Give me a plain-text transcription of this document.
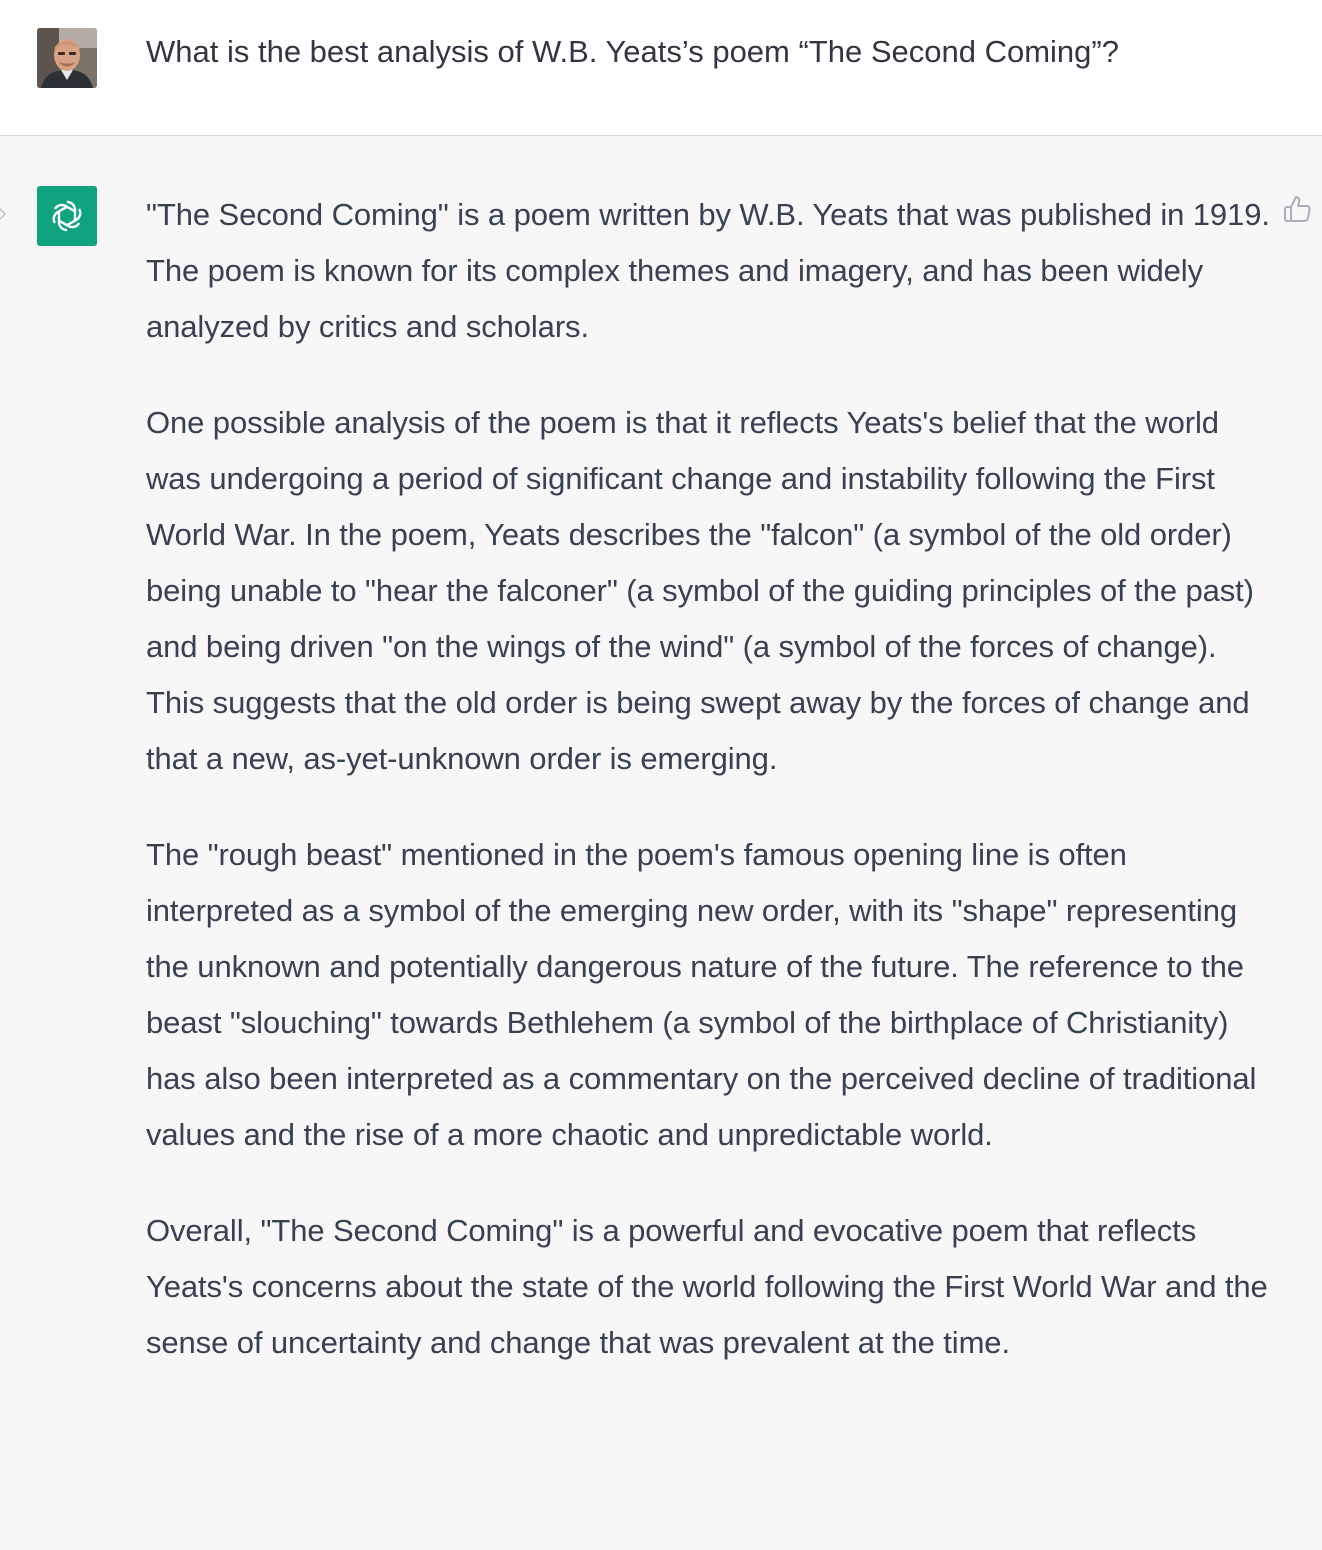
What is the best analysis of W.B. Yeats’s poem “The Second Coming”?

"The Second Coming" is a poem written by W.B. Yeats that was published in 1919. The poem is known for its complex themes and imagery, and has been widely analyzed by critics and scholars.

One possible analysis of the poem is that it reflects Yeats's belief that the world was undergoing a period of significant change and instability following the First World War. In the poem, Yeats describes the "falcon" (a symbol of the old order) being unable to "hear the falconer" (a symbol of the guiding principles of the past) and being driven "on the wings of the wind" (a symbol of the forces of change). This suggests that the old order is being swept away by the forces of change and that a new, as-yet-unknown order is emerging.

The "rough beast" mentioned in the poem's famous opening line is often interpreted as a symbol of the emerging new order, with its "shape" representing the unknown and potentially dangerous nature of the future. The reference to the beast "slouching" towards Bethlehem (a symbol of the birthplace of Christianity) has also been interpreted as a commentary on the perceived decline of traditional values and the rise of a more chaotic and unpredictable world.

Overall, "The Second Coming" is a powerful and evocative poem that reflects Yeats's concerns about the state of the world following the First World War and the sense of uncertainty and change that was prevalent at the time.
